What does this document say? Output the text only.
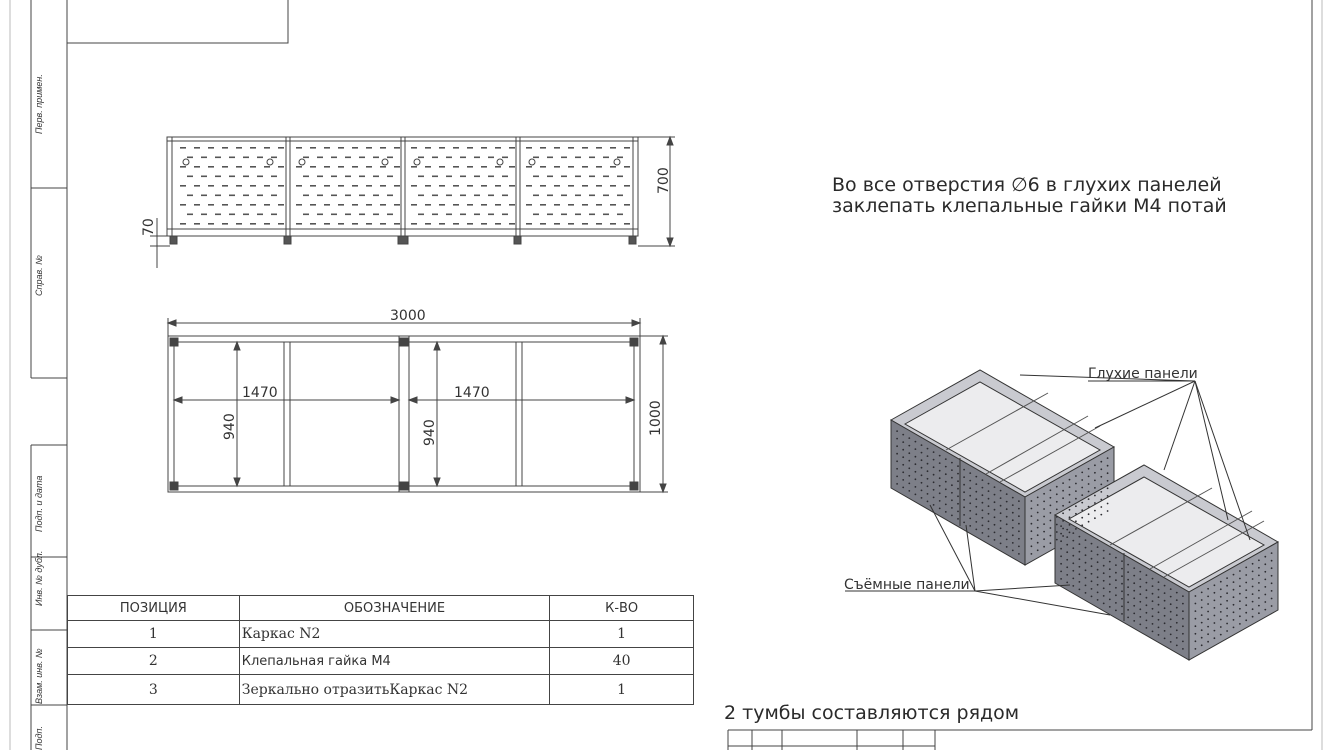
700
70
3000
1000
1470	1470
940	940
Глухие панели
Съёмные панели
Перв. примен.
Справ. №
Подп. и дата
Инв. № дубл.
Взам. инв. №
Подп.
Во все отверстия ∅6 в глухих панелей
заклепать клепальные гайки М4 потай
2 тумбы составляются рядом
ПОЗИЦИЯ	ОБОЗНАЧЕНИЕ	К-ВО
1	Каркас N2	1
2	Клепальная гайка М4	40
3	Зеркально отразитьКаркас N2	1
